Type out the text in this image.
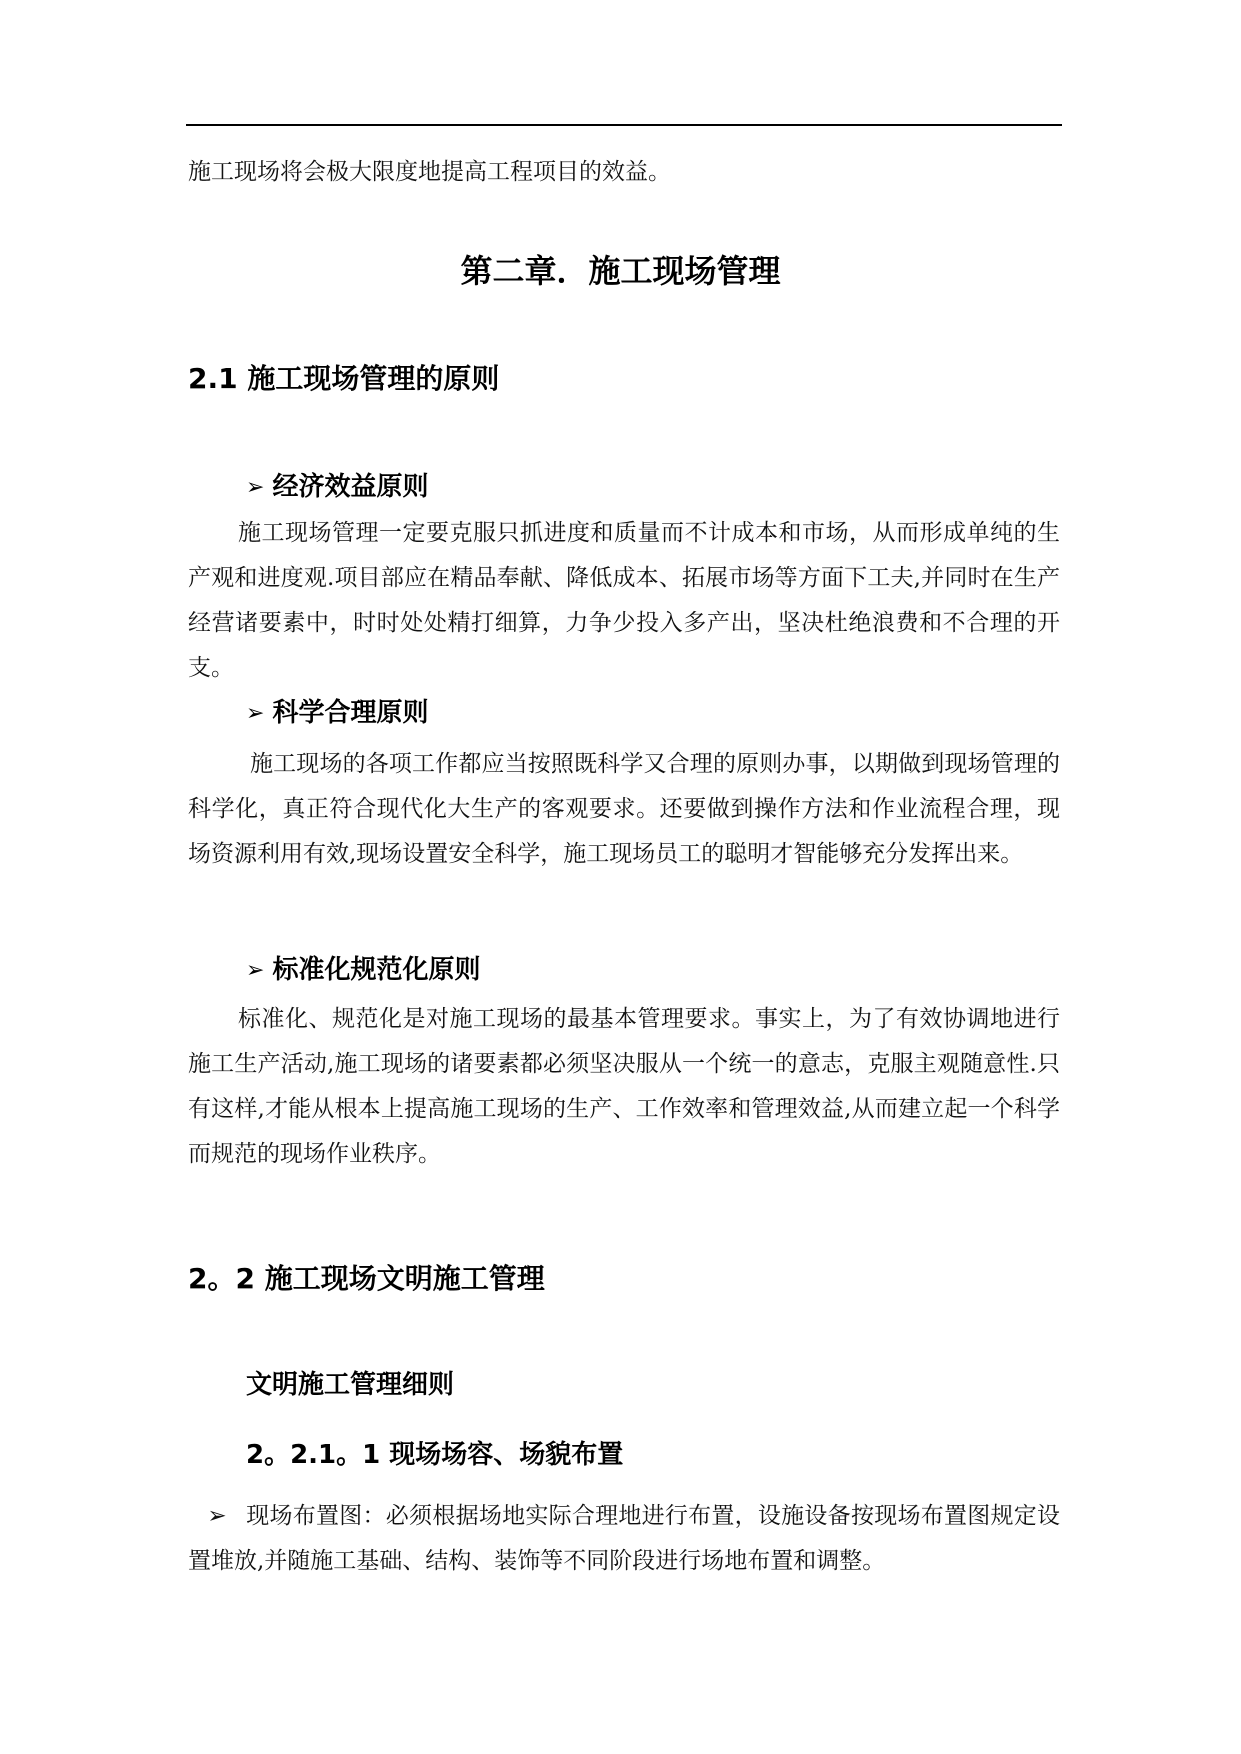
施工现场将会极大限度地提高工程项目的效益。
第二章．施工现场管理
2.1 施工现场管理的原则
➢ 经济效益原则
施工现场管理一定要克服只抓进度和质量而不计成本和市场，从而形成单纯的生产观和进度观.项目部应在精品奉献、降低成本、拓展市场等方面下工夫,并同时在生产经营诸要素中，时时处处精打细算，力争少投入多产出，坚决杜绝浪费和不合理的开支。
➢ 科学合理原则
施工现场的各项工作都应当按照既科学又合理的原则办事，以期做到现场管理的科学化，真正符合现代化大生产的客观要求。还要做到操作方法和作业流程合理，现场资源利用有效,现场设置安全科学，施工现场员工的聪明才智能够充分发挥出来。
➢ 标准化规范化原则
标准化、规范化是对施工现场的最基本管理要求。事实上，为了有效协调地进行施工生产活动,施工现场的诸要素都必须坚决服从一个统一的意志，克服主观随意性.只有这样,才能从根本上提高施工现场的生产、工作效率和管理效益,从而建立起一个科学而规范的现场作业秩序。
2。2 施工现场文明施工管理
文明施工管理细则
2。2.1。1 现场场容、场貌布置
➢ 现场布置图：必须根据场地实际合理地进行布置，设施设备按现场布置图规定设置堆放,并随施工基础、结构、装饰等不同阶段进行场地布置和调整。
